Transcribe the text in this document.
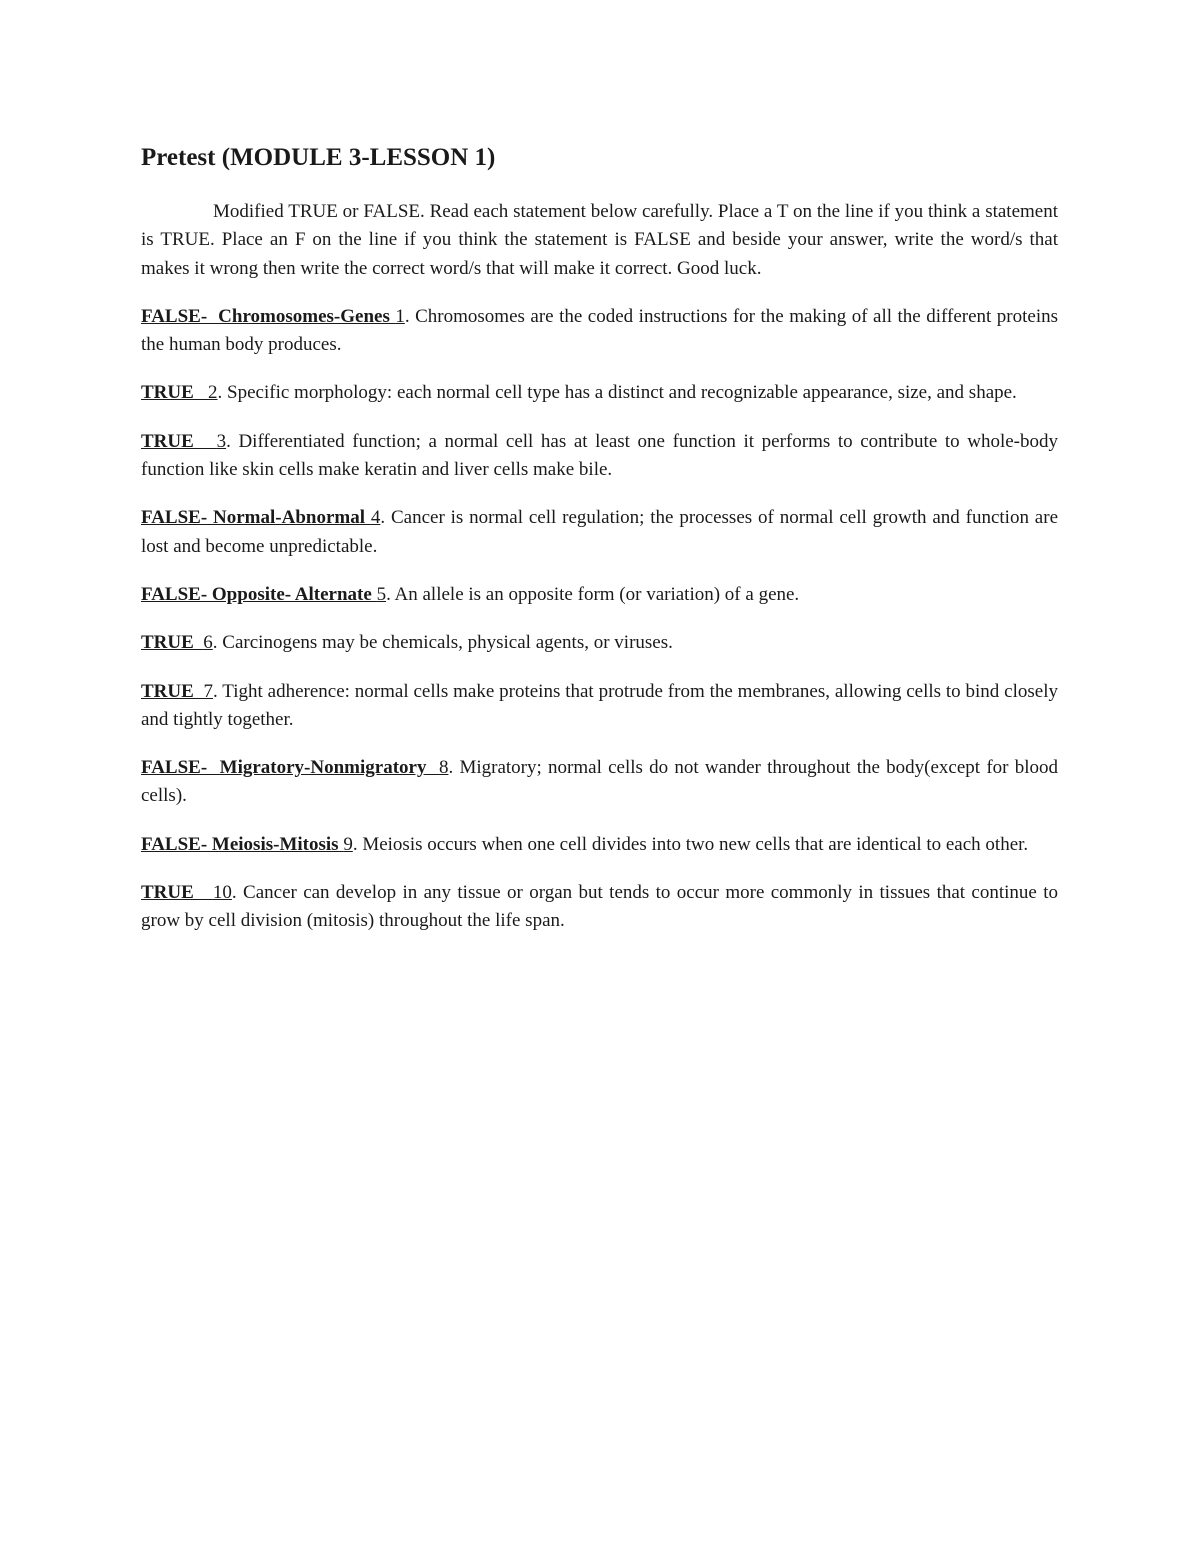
Pretest (MODULE 3-LESSON 1)

Modified TRUE or FALSE. Read each statement below carefully. Place a T on the line if you think a statement is TRUE. Place an F on the line if you think the statement is FALSE and beside your answer, write the word/s that makes it wrong then write the correct word/s that will make it correct. Good luck.

FALSE-  Chromosomes-Genes 1. Chromosomes are the coded instructions for the making of all the different proteins the human body produces.

TRUE   2. Specific morphology: each normal cell type has a distinct and recognizable appearance, size, and shape.

TRUE   3. Differentiated function; a normal cell has at least one function it performs to contribute to whole-body function like skin cells make keratin and liver cells make bile.

FALSE- Normal-Abnormal 4. Cancer is normal cell regulation; the processes of normal cell growth and function are lost and become unpredictable.

FALSE- Opposite- Alternate 5. An allele is an opposite form (or variation) of a gene.

TRUE  6. Carcinogens may be chemicals, physical agents, or viruses.

TRUE  7. Tight adherence: normal cells make proteins that protrude from the membranes, allowing cells to bind closely and tightly together.

FALSE-  Migratory-Nonmigratory  8. Migratory; normal cells do not wander throughout the body(except for blood cells).

FALSE- Meiosis-Mitosis 9. Meiosis occurs when one cell divides into two new cells that are identical to each other.

TRUE   10. Cancer can develop in any tissue or organ but tends to occur more commonly in tissues that continue to grow by cell division (mitosis) throughout the life span.
